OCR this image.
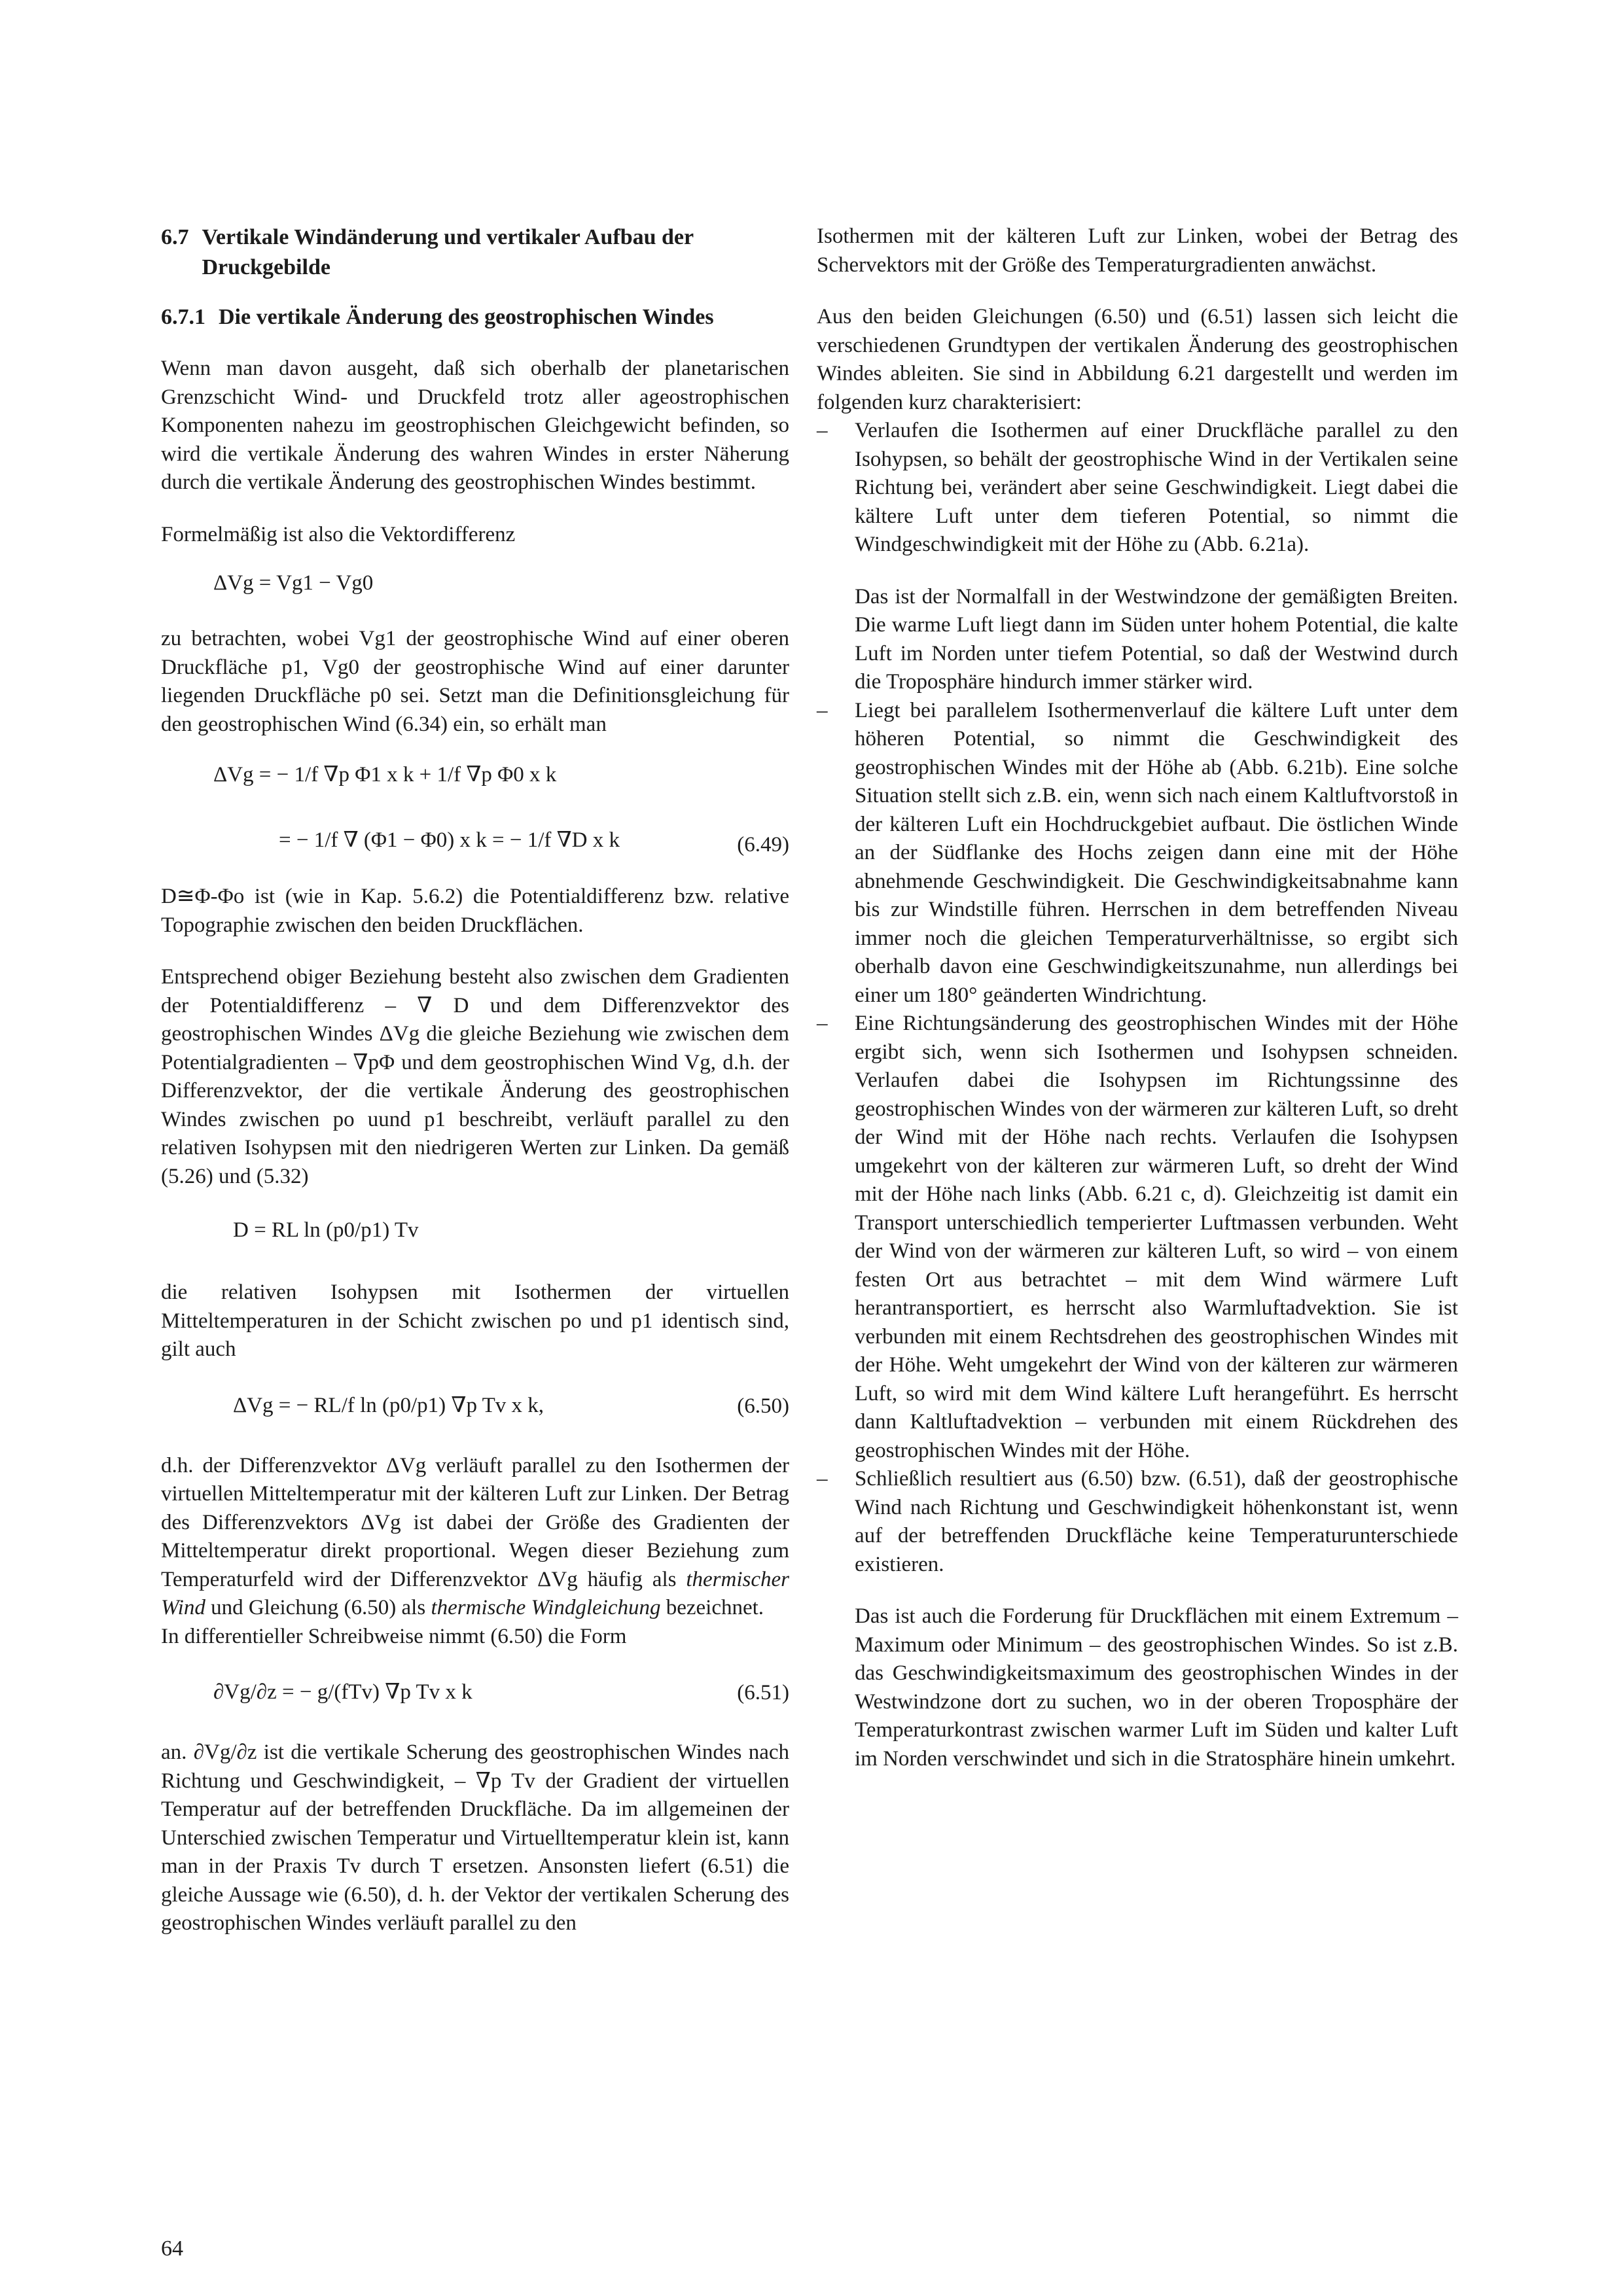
6.7 Vertikale Windänderung und vertikaler Aufbau der Druckgebilde
6.7.1 Die vertikale Änderung des geostrophischen Windes

Wenn man davon ausgeht, daß sich oberhalb der planetarischen Grenzschicht Wind- und Druckfeld trotz aller ageostrophischen Komponenten nahezu im geostrophischen Gleichgewicht befinden, so wird die vertikale Änderung des wahren Windes in erster Näherung durch die vertikale Änderung des geostrophischen Windes bestimmt.

Formelmäßig ist also die Vektordifferenz

ΔVg = Vg1 − Vg0

zu betrachten, wobei Vg1 der geostrophische Wind auf einer oberen Druckfläche p1, Vg0 der geostrophische Wind auf einer darunter liegenden Druckfläche p0 sei. Setzt man die Definitionsgleichung für den geostrophischen Wind (6.34) ein, so erhält man

ΔVg = − 1/f ∇p Φ1 x k + 1/f ∇p Φ0 x k
= − 1/f ∇ (Φ1 − Φ0) x k = − 1/f ∇D x k	(6.49)

D≅Φ-Φo ist (wie in Kap. 5.6.2) die Potentialdifferenz bzw. relative Topographie zwischen den beiden Druckflächen.

Entsprechend obiger Beziehung besteht also zwischen dem Gradienten der Potentialdifferenz – ∇ D und dem Differenzvektor des geostrophischen Windes ΔVg die gleiche Beziehung wie zwischen dem Potentialgradienten – ∇pΦ und dem geostrophischen Wind Vg, d.h. der Differenzvektor, der die vertikale Änderung des geostrophischen Windes zwischen po uund p1 beschreibt, verläuft parallel zu den relativen Isohypsen mit den niedrigeren Werten zur Linken. Da gemäß (5.26) und (5.32)

D = RL ln (p0/p1) Tv

die relativen Isohypsen mit Isothermen der virtuellen Mitteltemperaturen in der Schicht zwischen po und p1 identisch sind, gilt auch

ΔVg = − RL/f ln (p0/p1) ∇p Tv x k,	(6.50)

d.h. der Differenzvektor ΔVg verläuft parallel zu den Isothermen der virtuellen Mitteltemperatur mit der kälteren Luft zur Linken. Der Betrag des Differenzvektors ΔVg ist dabei der Größe des Gradienten der Mitteltemperatur direkt proportional. Wegen dieser Beziehung zum Temperaturfeld wird der Differenzvektor ΔVg häufig als thermischer Wind und Gleichung (6.50) als thermische Windgleichung bezeichnet.

In differentieller Schreibweise nimmt (6.50) die Form

∂Vg/∂z = − g/(fTv) ∇p Tv x k	(6.51)

an. ∂Vg/∂z ist die vertikale Scherung des geostrophischen Windes nach Richtung und Geschwindigkeit, – ∇p Tv der Gradient der virtuellen Temperatur auf der betreffenden Druckfläche. Da im allgemeinen der Unterschied zwischen Temperatur und Virtuelltemperatur klein ist, kann man in der Praxis Tv durch T ersetzen. Ansonsten liefert (6.51) die gleiche Aussage wie (6.50), d. h. der Vektor der vertikalen Scherung des geostrophischen Windes verläuft parallel zu den

Isothermen mit der kälteren Luft zur Linken, wobei der Betrag des Schervektors mit der Größe des Temperaturgradienten anwächst.

Aus den beiden Gleichungen (6.50) und (6.51) lassen sich leicht die verschiedenen Grundtypen der vertikalen Änderung des geostrophischen Windes ableiten. Sie sind in Abbildung 6.21 dargestellt und werden im folgenden kurz charakterisiert:

– Verlaufen die Isothermen auf einer Druckfläche parallel zu den Isohypsen, so behält der geostrophische Wind in der Vertikalen seine Richtung bei, verändert aber seine Geschwindigkeit. Liegt dabei die kältere Luft unter dem tieferen Potential, so nimmt die Windgeschwindigkeit mit der Höhe zu (Abb. 6.21a).

Das ist der Normalfall in der Westwindzone der gemäßigten Breiten. Die warme Luft liegt dann im Süden unter hohem Potential, die kalte Luft im Norden unter tiefem Potential, so daß der Westwind durch die Troposphäre hindurch immer stärker wird.

– Liegt bei parallelem Isothermenverlauf die kältere Luft unter dem höheren Potential, so nimmt die Geschwindigkeit des geostrophischen Windes mit der Höhe ab (Abb. 6.21b). Eine solche Situation stellt sich z.B. ein, wenn sich nach einem Kaltluftvorstoß in der kälteren Luft ein Hochdruckgebiet aufbaut. Die östlichen Winde an der Südflanke des Hochs zeigen dann eine mit der Höhe abnehmende Geschwindigkeit. Die Geschwindigkeitsabnahme kann bis zur Windstille führen. Herrschen in dem betreffenden Niveau immer noch die gleichen Temperaturverhältnisse, so ergibt sich oberhalb davon eine Geschwindigkeitszunahme, nun allerdings bei einer um 180° geänderten Windrichtung.

– Eine Richtungsänderung des geostrophischen Windes mit der Höhe ergibt sich, wenn sich Isothermen und Isohypsen schneiden. Verlaufen dabei die Isohypsen im Richtungssinne des geostrophischen Windes von der wärmeren zur kälteren Luft, so dreht der Wind mit der Höhe nach rechts. Verlaufen die Isohypsen umgekehrt von der kälteren zur wärmeren Luft, so dreht der Wind mit der Höhe nach links (Abb. 6.21 c, d). Gleichzeitig ist damit ein Transport unterschiedlich temperierter Luftmassen verbunden. Weht der Wind von der wärmeren zur kälteren Luft, so wird – von einem festen Ort aus betrachtet – mit dem Wind wärmere Luft herantransportiert, es herrscht also Warmluftadvektion. Sie ist verbunden mit einem Rechtsdrehen des geostrophischen Windes mit der Höhe. Weht umgekehrt der Wind von der kälteren zur wärmeren Luft, so wird mit dem Wind kältere Luft herangeführt. Es herrscht dann Kaltluftadvektion – verbunden mit einem Rückdrehen des geostrophischen Windes mit der Höhe.

– Schließlich resultiert aus (6.50) bzw. (6.51), daß der geostrophische Wind nach Richtung und Geschwindigkeit höhenkonstant ist, wenn auf der betreffenden Druckfläche keine Temperaturunterschiede existieren.

Das ist auch die Forderung für Druckflächen mit einem Extremum – Maximum oder Minimum – des geostrophischen Windes. So ist z.B. das Geschwindigkeitsmaximum des geostrophischen Windes in der Westwindzone dort zu suchen, wo in der oberen Troposphäre der Temperaturkontrast zwischen warmer Luft im Süden und kalter Luft im Norden verschwindet und sich in die Stratosphäre hinein umkehrt.

64
